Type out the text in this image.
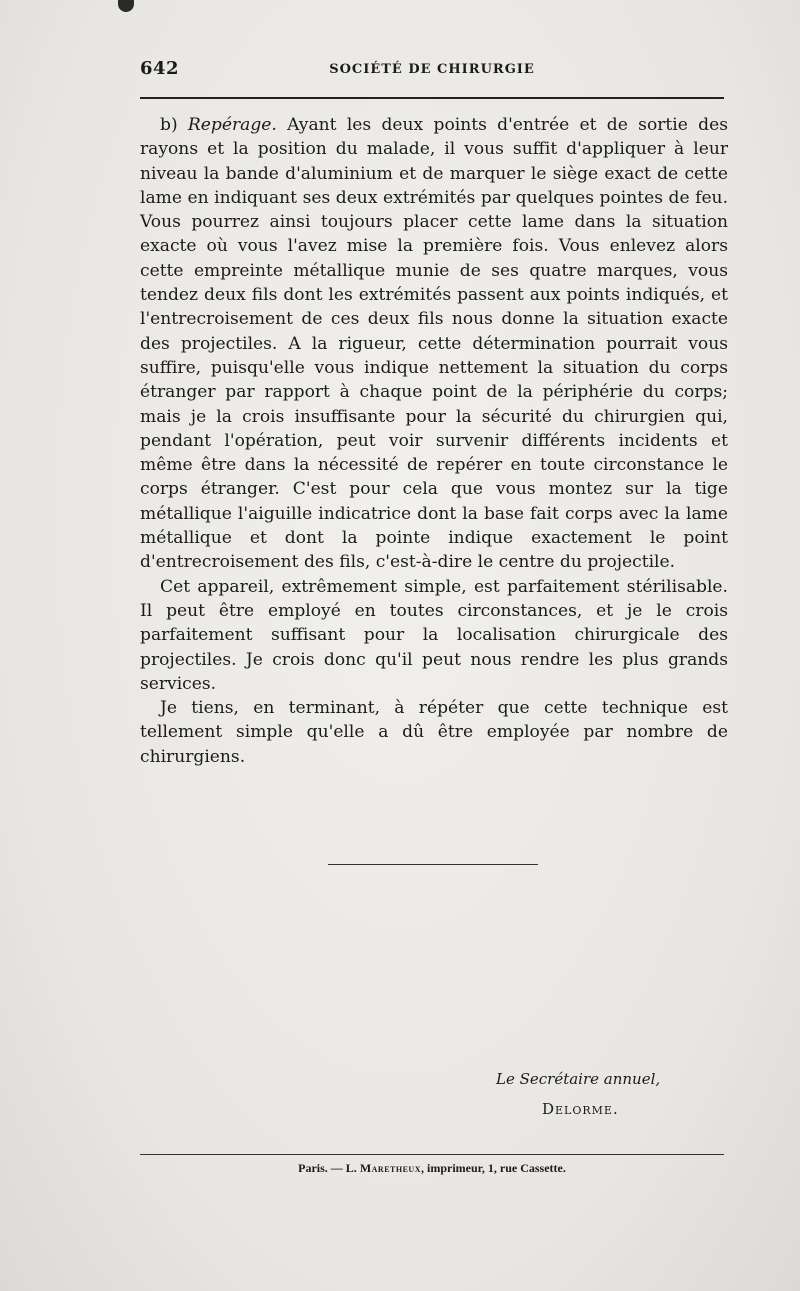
642	SOCIÉTÉ DE CHIRURGIE

b) Repérage. Ayant les deux points d'entrée et de sortie des rayons et la position du malade, il vous suffit d'appliquer à leur niveau la bande d'aluminium et de marquer le siège exact de cette lame en indiquant ses deux extrémités par quelques pointes de feu. Vous pourrez ainsi toujours placer cette lame dans la situation exacte où vous l'avez mise la première fois. Vous enlevez alors cette empreinte métallique munie de ses quatre marques, vous tendez deux fils dont les extrémités passent aux points indiqués, et l'entrecroisement de ces deux fils nous donne la situation exacte des projectiles. A la rigueur, cette détermination pourrait vous suffire, puisqu'elle vous indique nettement la situation du corps étranger par rapport à chaque point de la périphérie du corps; mais je la crois insuffisante pour la sécurité du chirurgien qui, pendant l'opération, peut voir survenir différents incidents et même être dans la nécessité de repérer en toute circonstance le corps étranger. C'est pour cela que vous montez sur la tige métallique l'aiguille indicatrice dont la base fait corps avec la lame métallique et dont la pointe indique exactement le point d'entrecroisement des fils, c'est-à-dire le centre du projectile.

Cet appareil, extrêmement simple, est parfaitement stérilisable. Il peut être employé en toutes circonstances, et je le crois parfaitement suffisant pour la localisation chirurgicale des projectiles. Je crois donc qu'il peut nous rendre les plus grands services.

Je tiens, en terminant, à répéter que cette technique est tellement simple qu'elle a dû être employée par nombre de chirurgiens.

Le Secrétaire annuel,
Delorme.
Paris. — L. Maretheux, imprimeur, 1, rue Cassette.
